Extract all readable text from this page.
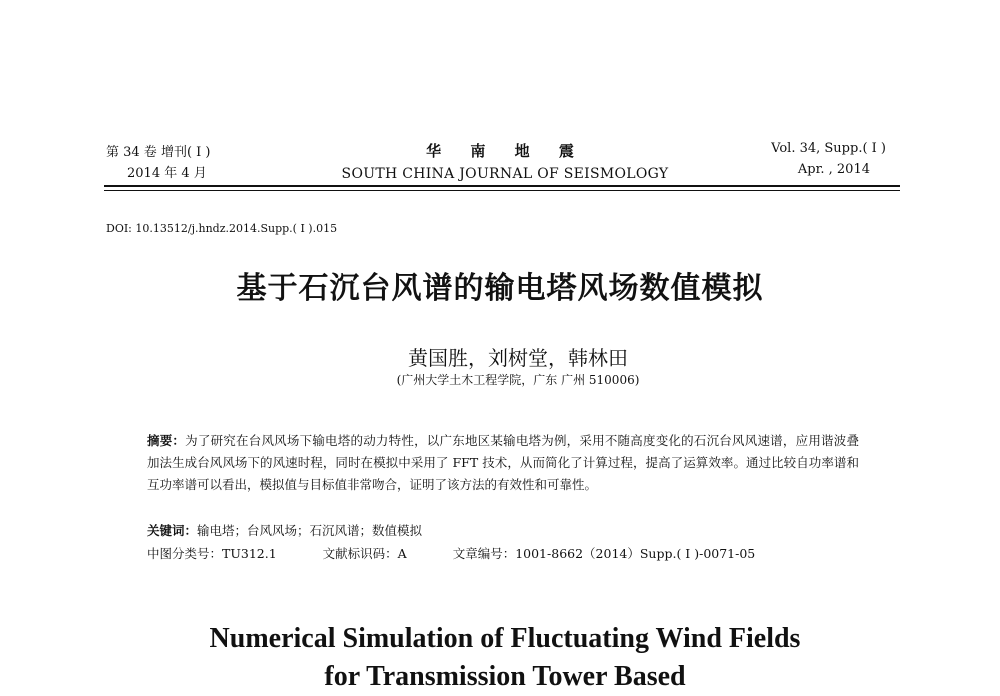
第 34 卷 增刊( Ⅰ )
2014 年 4 月
华 南 地 震
SOUTH CHINA JOURNAL OF SEISMOLOGY
Vol. 34, Supp.( Ⅰ )
Apr. , 2014
DOI: 10.13512/j.hndz.2014.Supp.( Ⅰ ).015
基于石沉台风谱的输电塔风场数值模拟
黄国胜，刘树堂，韩林田
(广州大学土木工程学院，广东 广州 510006)
摘要：为了研究在台风风场下输电塔的动力特性，以广东地区某输电塔为例，采用不随高度变化的石沉台风风速谱，应用谐波叠加法生成台风风场下的风速时程，同时在模拟中采用了 FFT 技术，从而简化了计算过程，提高了运算效率。通过比较自功率谱和互功率谱可以看出，模拟值与目标值非常吻合，证明了该方法的有效性和可靠性。
关键词：输电塔；台风风场；石沉风谱；数值模拟
中图分类号：TU312.1	文献标识码：A	文章编号：1001-8662（2014）Supp.( Ⅰ )-0071-05
Numerical Simulation of Fluctuating Wind Fields
for Transmission Tower Based
